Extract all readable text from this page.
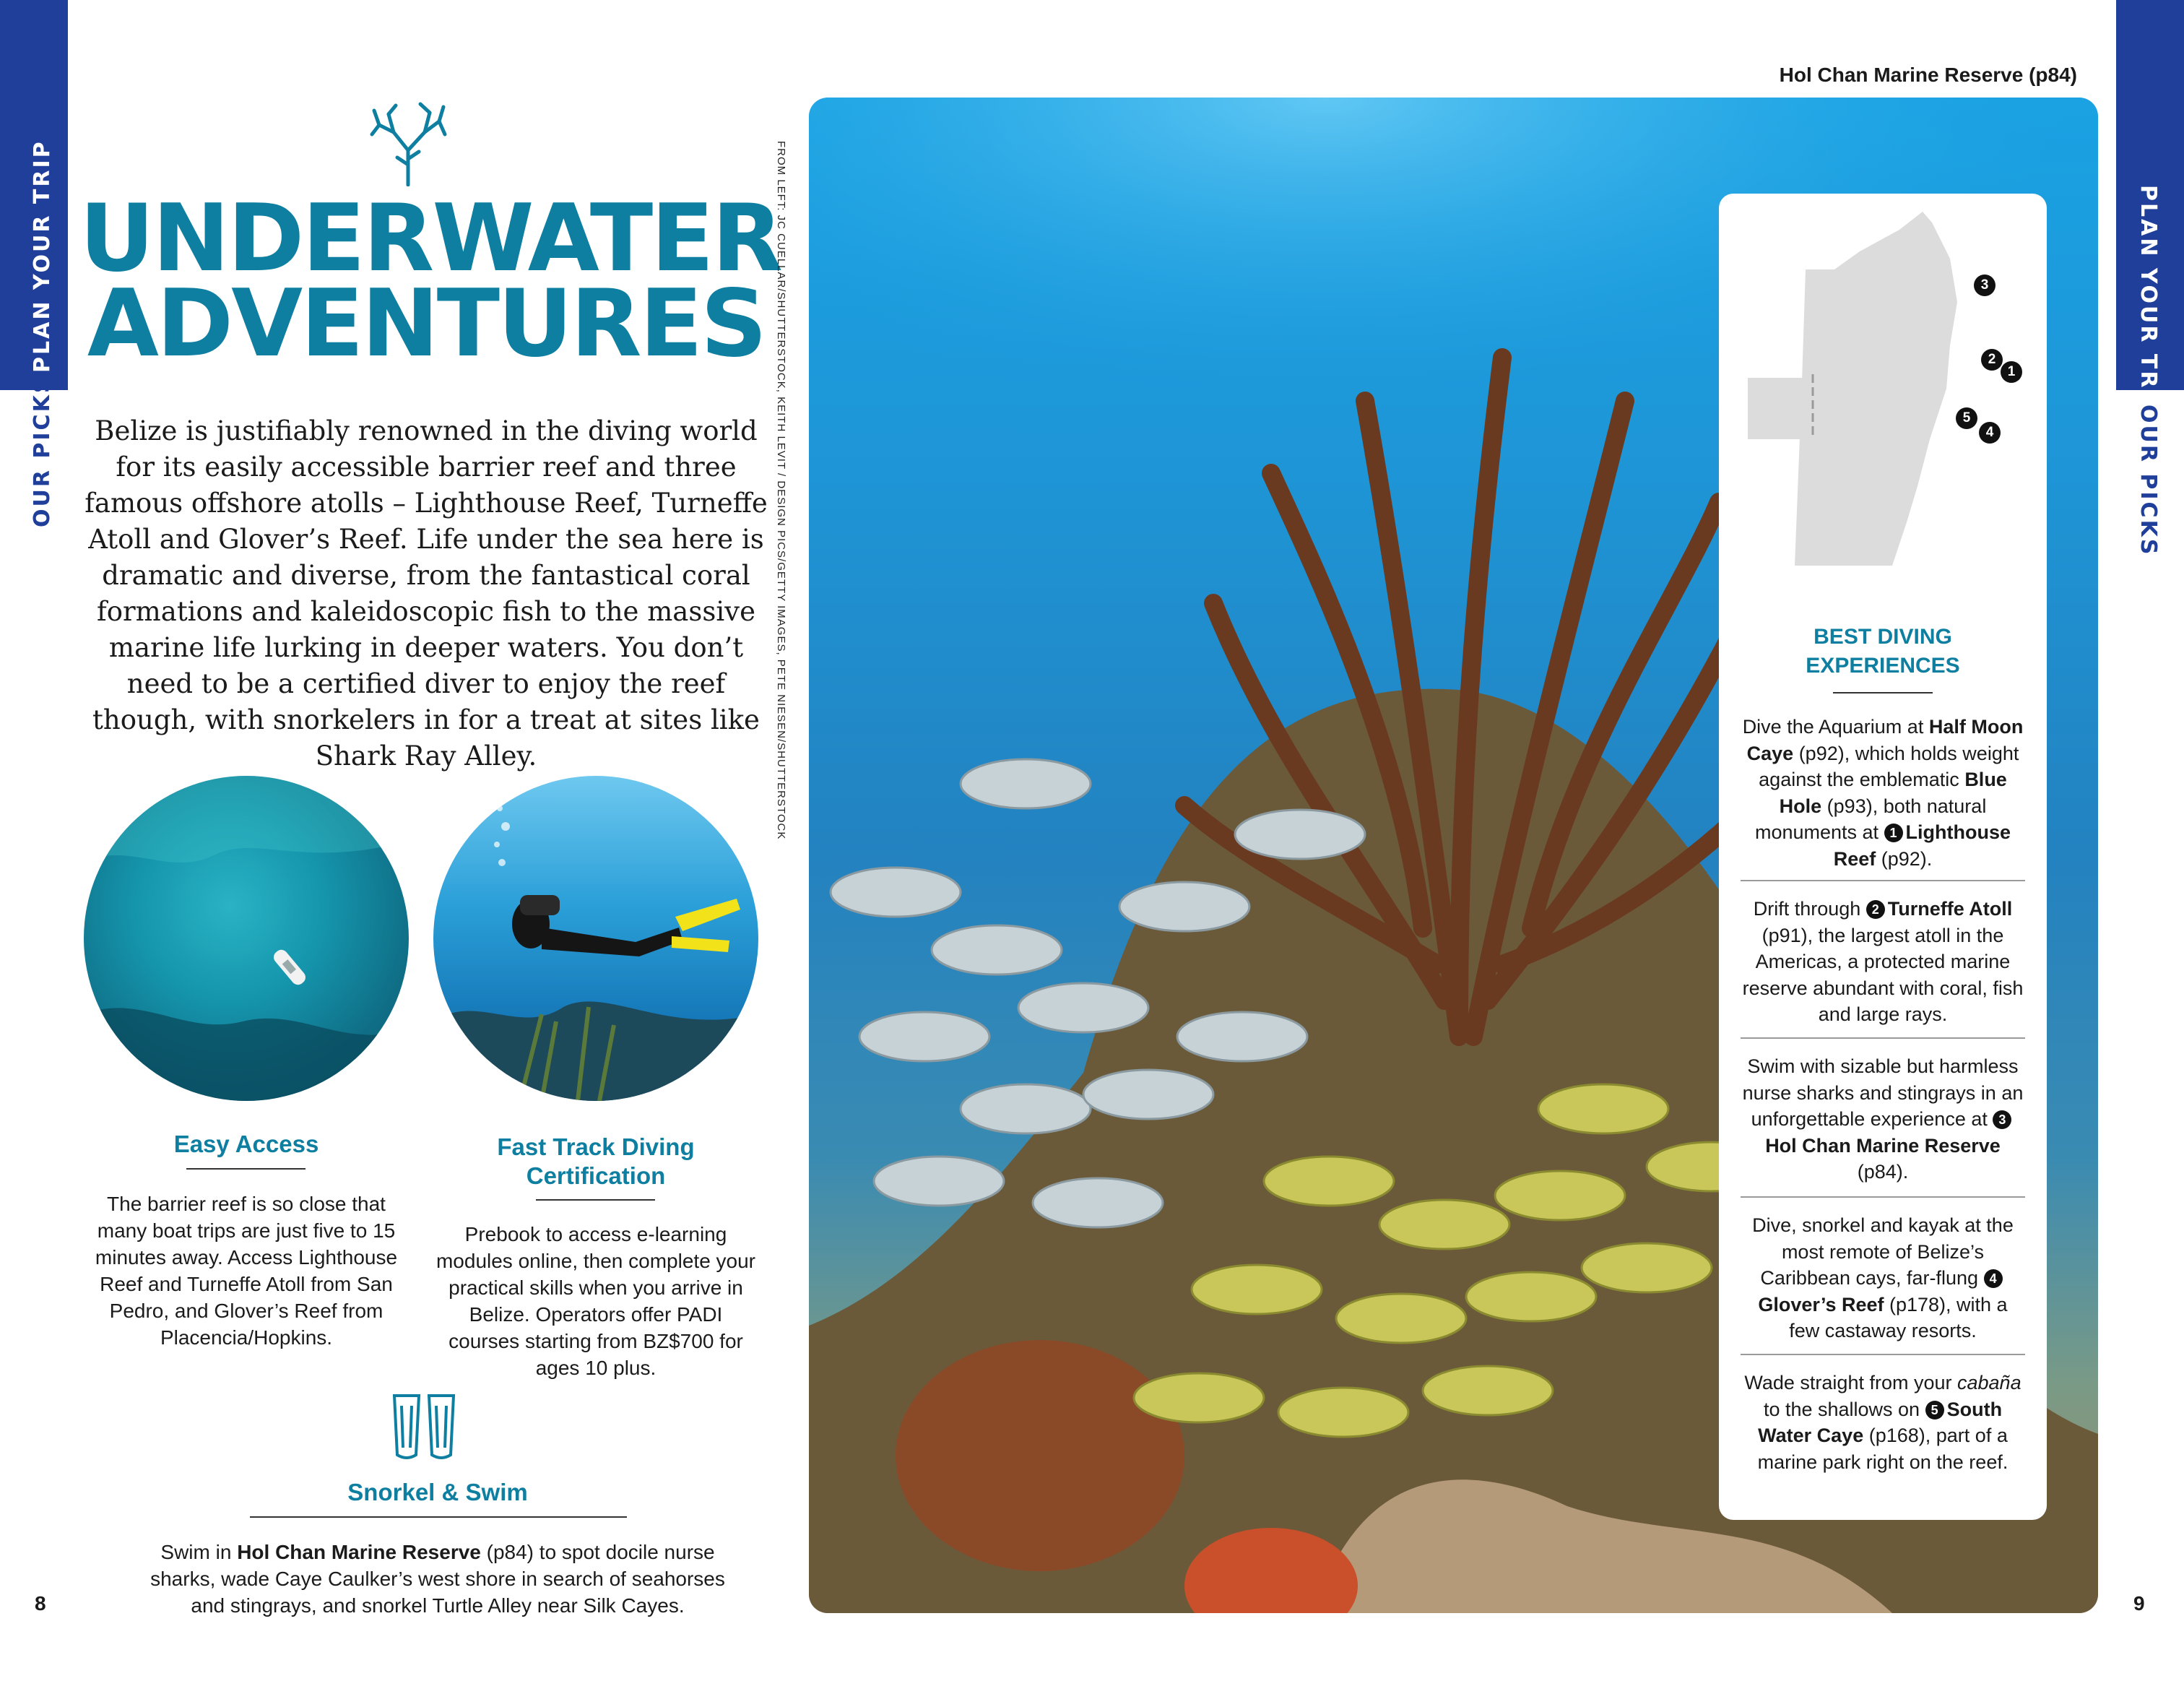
PLAN YOUR TRIP
OUR PICKS
PLAN YOUR TRIP
OUR PICKS
8	9
UNDERWATER
ADVENTURES

Belize is justifiably renowned in the diving world for its easily accessible barrier reef and three famous offshore atolls – Lighthouse Reef, Turneffe Atoll and Glover’s Reef. Life under the sea here is dramatic and diverse, from the fantastical coral formations and kaleidoscopic fish to the massive marine life lurking in deeper waters. You don’t need to be a certified diver to enjoy the reef though, with snorkelers in for a treat at sites like Shark Ray Alley.

Easy Access

The barrier reef is so close that many boat trips are just five to 15 minutes away. Access Lighthouse Reef and Turneffe Atoll from San Pedro, and Glover’s Reef from Placencia/Hopkins.

Fast Track Diving
Certification

Prebook to access e-learning modules online, then complete your practical skills when you arrive in Belize. Operators offer PADI courses starting from BZ$700 for ages 10 plus.

Snorkel & Swim

Swim in Hol Chan Marine Reserve (p84) to spot docile nurse sharks, wade Caye Caulker’s west shore in search of seahorses and stingrays, and snorkel Turtle Alley near Silk Cayes.

FROM LEFT: JC CUELLAR/SHUTTERSTOCK, KEITH LEVIT / DESIGN PICS/GETTY IMAGES, PETE NIESEN/SHUTTERSTOCK
Hol Chan Marine Reserve (p84)
3
2
1
5
4
BEST DIVING
EXPERIENCES

Dive the Aquarium at Half Moon Caye (p92), which holds weight against the emblematic Blue Hole (p93), both natural monuments at 1 Lighthouse Reef (p92).

Drift through 2 Turneffe Atoll (p91), the largest atoll in the Americas, a protected marine reserve abundant with coral, fish and large rays.

Swim with sizable but harmless nurse sharks and stingrays in an unforgettable experience at 3Hol Chan Marine Reserve (p84).

Dive, snorkel and kayak at the most remote of Belize’s Caribbean cays, far-flung 4Glover’s Reef (p178), with a few castaway resorts.

Wade straight from your cabaña to the shallows on 5 South Water Caye (p168), part of a marine park right on the reef.
